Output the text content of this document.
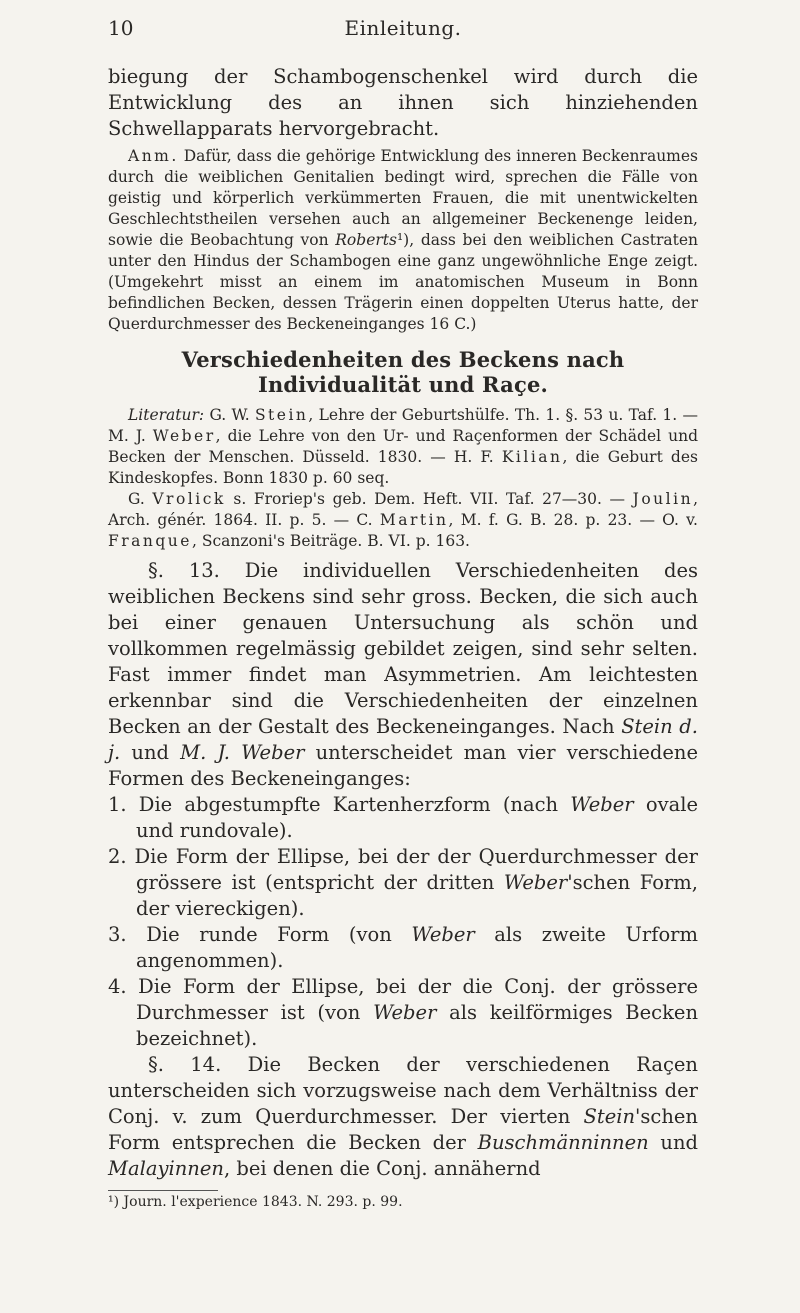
10	Einleitung.

biegung der Schambogenschenkel wird durch die Entwicklung des an ihnen sich hinziehenden Schwellapparats hervorgebracht.

Anm. Dafür, dass die gehörige Entwicklung des inneren Beckenraumes durch die weiblichen Genitalien bedingt wird, sprechen die Fälle von geistig und körperlich verkümmerten Frauen, die mit unentwickelten Geschlechtstheilen versehen auch an allgemeiner Beckenenge leiden, sowie die Beobachtung von Roberts¹), dass bei den weiblichen Castraten unter den Hindus der Schambogen eine ganz ungewöhnliche Enge zeigt. (Umgekehrt misst an einem im anatomischen Museum in Bonn befindlichen Becken, dessen Trägerin einen doppelten Uterus hatte, der Querdurchmesser des Beckeneinganges 16 C.)

Verschiedenheiten des Beckens nach Individualität und Raçe.

Literatur: G. W. Stein, Lehre der Geburtshülfe. Th. 1. §. 53 u. Taf. 1. — M. J. Weber, die Lehre von den Ur- und Raçenformen der Schädel und Becken der Menschen. Düsseld. 1830. — H. F. Kilian, die Geburt des Kindeskopfes. Bonn 1830 p. 60 seq.

G. Vrolick s. Froriep's geb. Dem. Heft. VII. Taf. 27—30. — Joulin, Arch. génér. 1864. II. p. 5. — C. Martin, M. f. G. B. 28. p. 23. — O. v. Franque, Scanzoni's Beiträge. B. VI. p. 163.

§. 13. Die individuellen Verschiedenheiten des weiblichen Beckens sind sehr gross. Becken, die sich auch bei einer genauen Untersuchung als schön und vollkommen regelmässig gebildet zeigen, sind sehr selten. Fast immer findet man Asymmetrien. Am leichtesten erkennbar sind die Verschiedenheiten der einzelnen Becken an der Gestalt des Beckeneinganges. Nach Stein d. j. und M. J. Weber unterscheidet man vier verschiedene Formen des Beckeneinganges:

1. Die abgestumpfte Kartenherzform (nach Weber ovale und rundovale).
2. Die Form der Ellipse, bei der der Querdurchmesser der grössere ist (entspricht der dritten Weber'schen Form, der viereckigen).
3. Die runde Form (von Weber als zweite Urform angenommen).
4. Die Form der Ellipse, bei der die Conj. der grössere Durchmesser ist (von Weber als keilförmiges Becken bezeichnet).

§. 14. Die Becken der verschiedenen Raçen unterscheiden sich vorzugsweise nach dem Verhältniss der Conj. v. zum Querdurchmesser. Der vierten Stein'schen Form entsprechen die Becken der Buschmänninnen und Malayinnen, bei denen die Conj. annähernd

¹) Journ. l'experience 1843. N. 293. p. 99.
